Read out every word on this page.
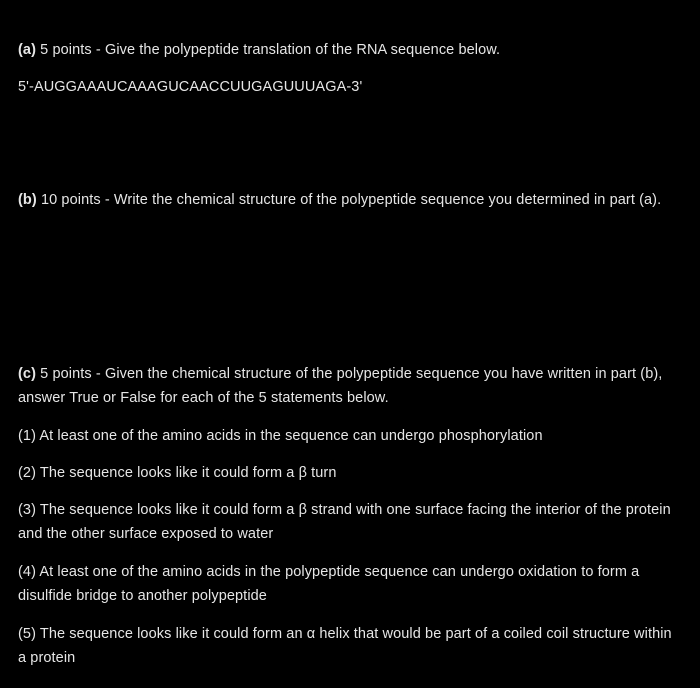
(a) 5 points - Give the polypeptide translation of the RNA sequence below.

5'-AUGGAAAUCAAAGUCAACCUUGAGUUUAGA-3'

(b) 10 points - Write the chemical structure of the polypeptide sequence you determined in part (a).

(c) 5 points - Given the chemical structure of the polypeptide sequence you have written in part (b), answer True or False for each of the 5 statements below.

(1) At least one of the amino acids in the sequence can undergo phosphorylation

(2) The sequence looks like it could form a β turn

(3) The sequence looks like it could form a β strand with one surface facing the interior of the protein and the other surface exposed to water

(4) At least one of the amino acids in the polypeptide sequence can undergo oxidation to form a disulfide bridge to another polypeptide

(5) The sequence looks like it could form an α helix that would be part of a coiled coil structure within a protein
